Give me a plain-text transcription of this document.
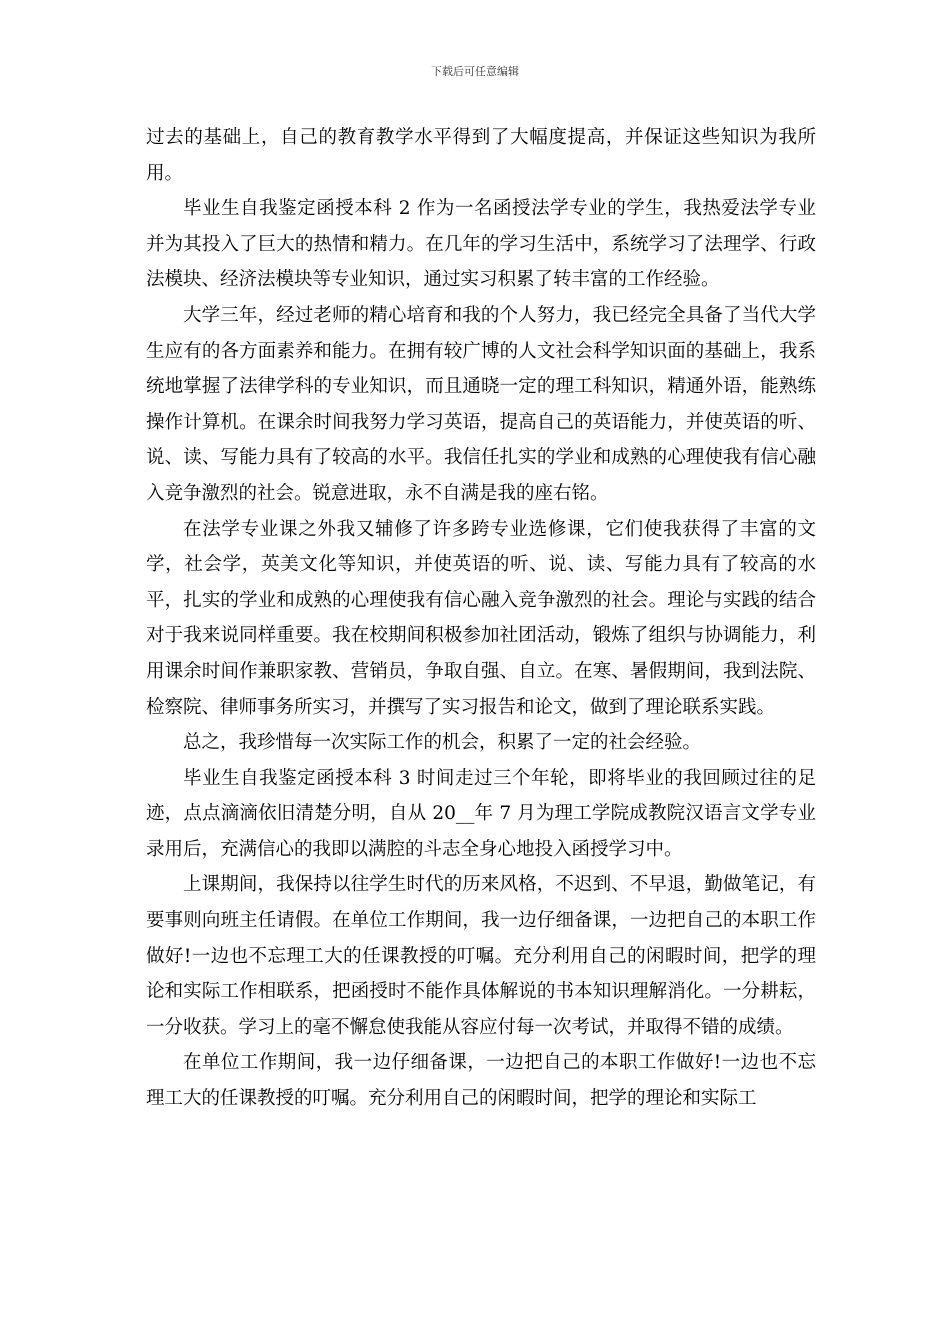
下载后可任意编辑

过去的基础上，自己的教育教学水平得到了大幅度提高，并保证这些知识为我所用。

毕业生自我鉴定函授本科 2 作为一名函授法学专业的学生，我热爱法学专业并为其投入了巨大的热情和精力。在几年的学习生活中，系统学习了法理学、行政法模块、经济法模块等专业知识，通过实习积累了转丰富的工作经验。

大学三年，经过老师的精心培育和我的个人努力，我已经完全具备了当代大学生应有的各方面素养和能力。在拥有较广博的人文社会科学知识面的基础上，我系统地掌握了法律学科的专业知识，而且通晓一定的理工科知识，精通外语，能熟练操作计算机。在课余时间我努力学习英语，提高自己的英语能力，并使英语的听、说、读、写能力具有了较高的水平。我信任扎实的学业和成熟的心理使我有信心融入竞争激烈的社会。锐意进取，永不自满是我的座右铭。

在法学专业课之外我又辅修了许多跨专业选修课，它们使我获得了丰富的文学，社会学，英美文化等知识，并使英语的听、说、读、写能力具有了较高的水平，扎实的学业和成熟的心理使我有信心融入竞争激烈的社会。理论与实践的结合对于我来说同样重要。我在校期间积极参加社团活动，锻炼了组织与协调能力，利用课余时间作兼职家教、营销员，争取自强、自立。在寒、暑假期间，我到法院、检察院、律师事务所实习，并撰写了实习报告和论文，做到了理论联系实践。

总之，我珍惜每一次实际工作的机会，积累了一定的社会经验。

毕业生自我鉴定函授本科 3 时间走过三个年轮，即将毕业的我回顾过往的足迹，点点滴滴依旧清楚分明，自从 20__年 7 月为理工学院成教院汉语言文学专业录用后，充满信心的我即以满腔的斗志全身心地投入函授学习中。

上课期间，我保持以往学生时代的历来风格，不迟到、不早退，勤做笔记，有要事则向班主任请假。在单位工作期间，我一边仔细备课，一边把自己的本职工作做好!一边也不忘理工大的任课教授的叮嘱。充分利用自己的闲暇时间，把学的理论和实际工作相联系，把函授时不能作具体解说的书本知识理解消化。一分耕耘，一分收获。学习上的毫不懈怠使我能从容应付每一次考试，并取得不错的成绩。

在单位工作期间，我一边仔细备课，一边把自己的本职工作做好!一边也不忘理工大的任课教授的叮嘱。充分利用自己的闲暇时间，把学的理论和实际工
